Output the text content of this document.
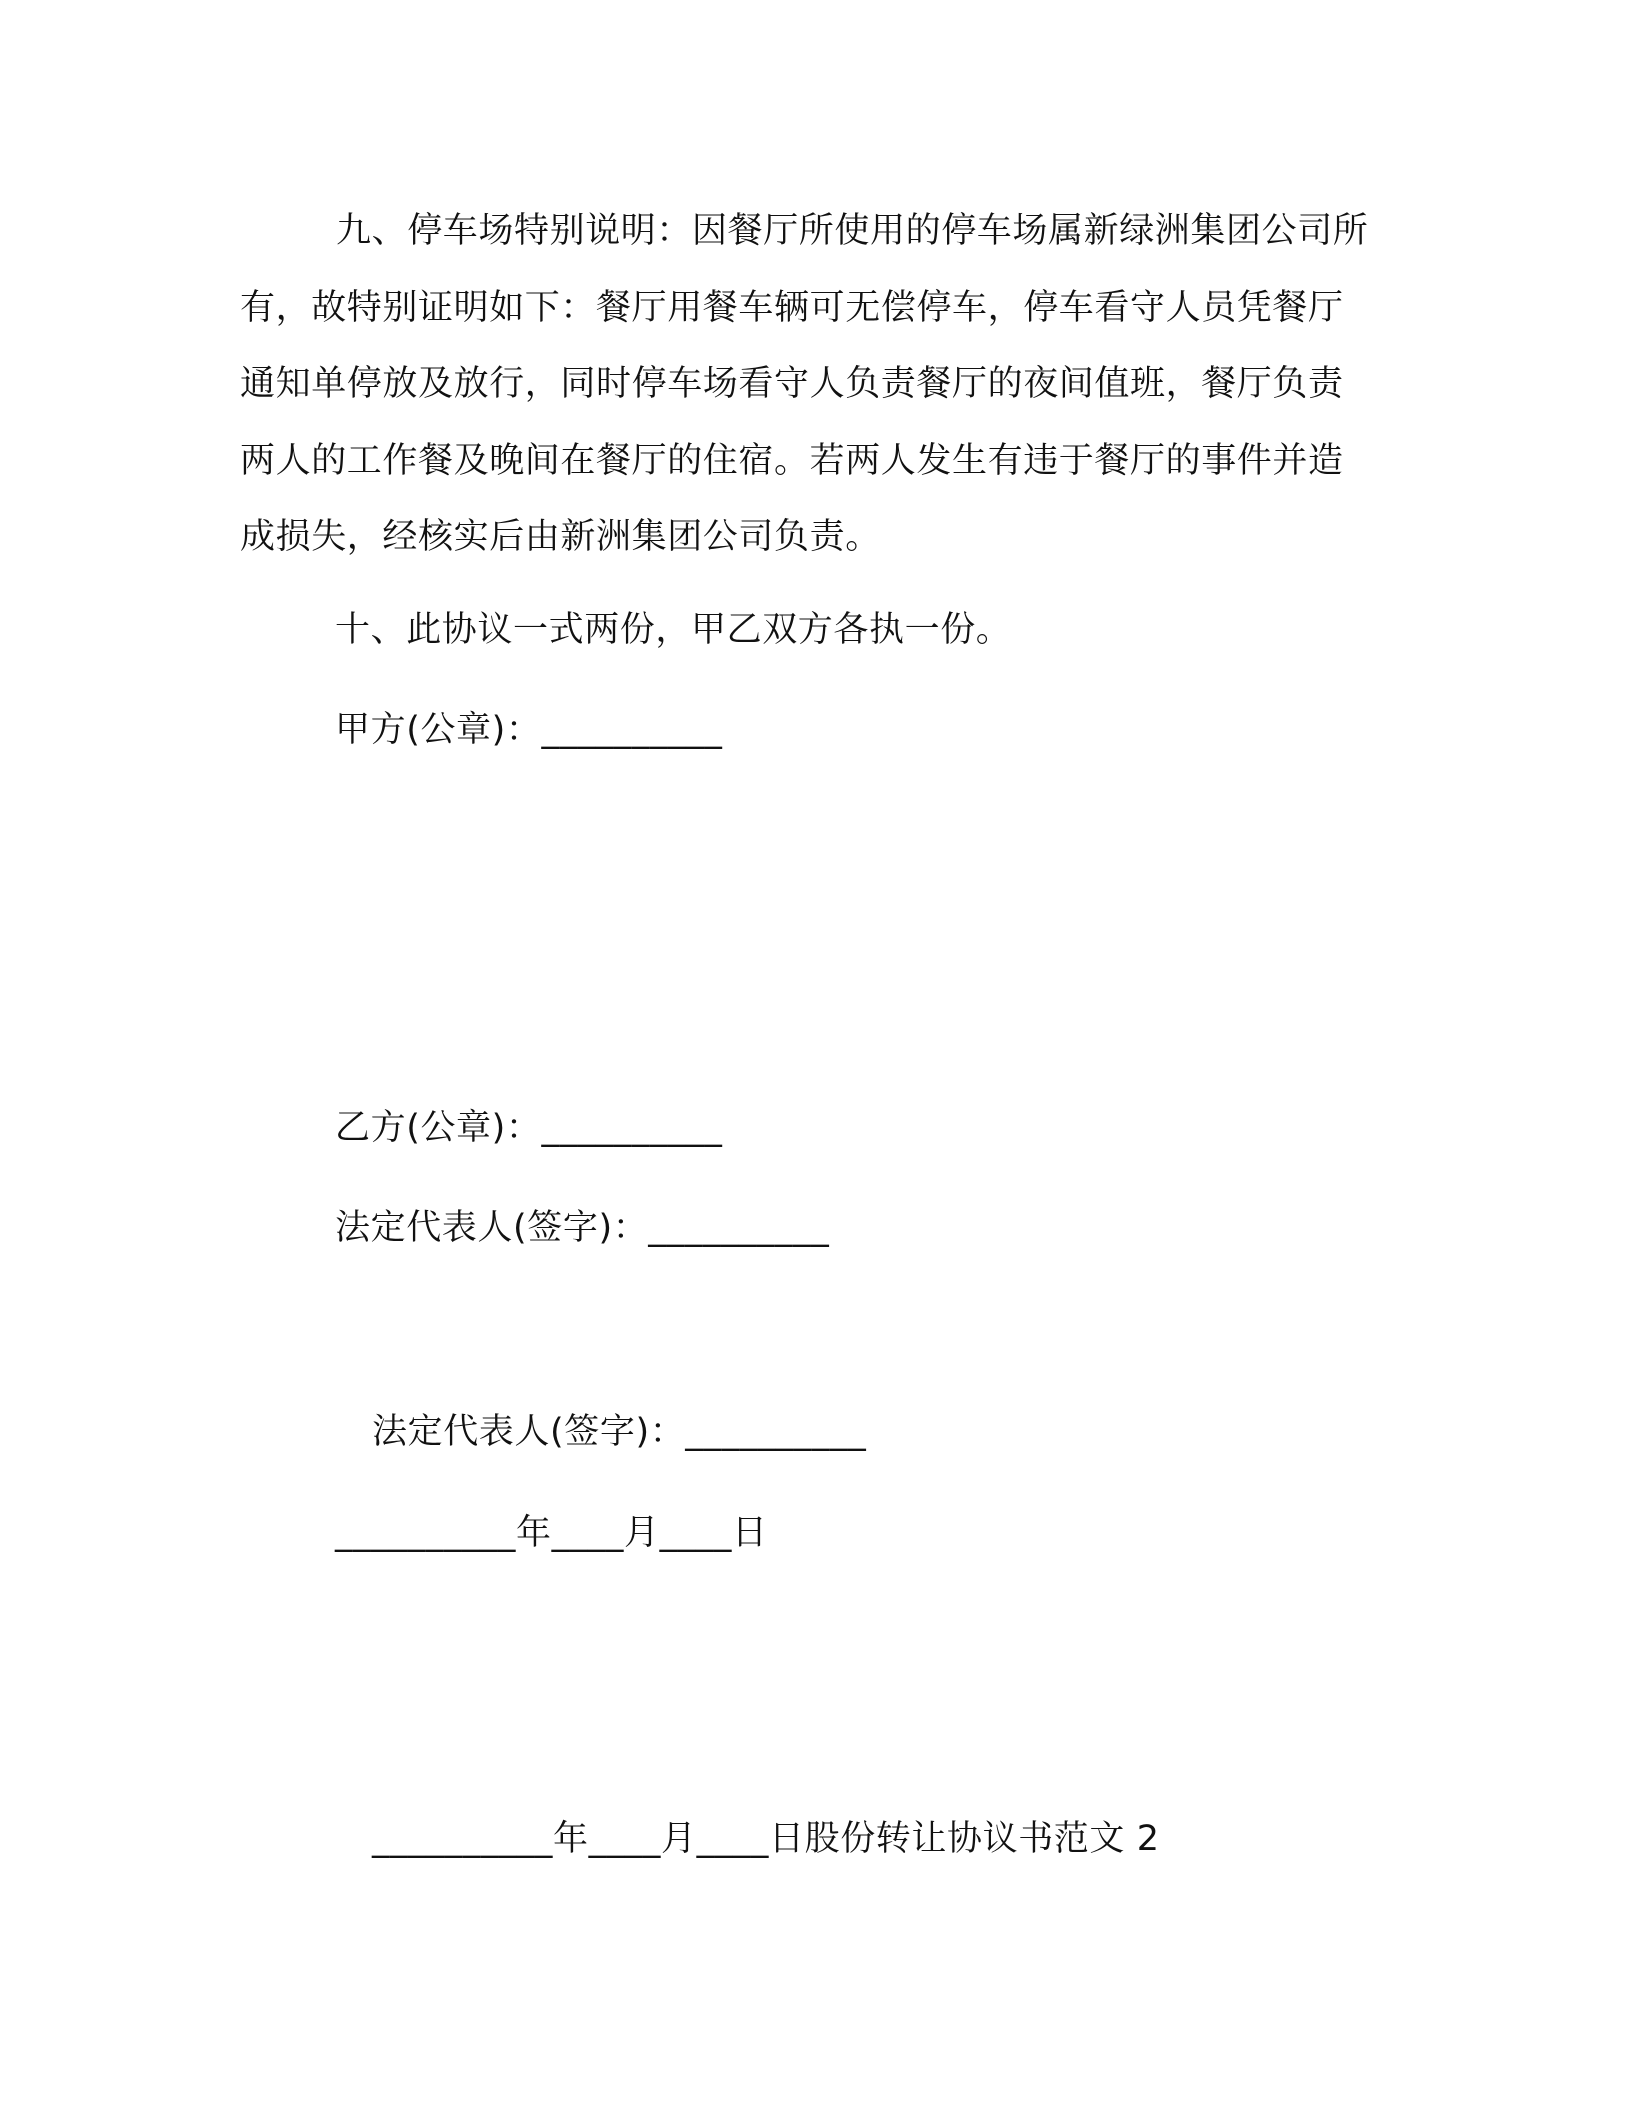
九、停车场特别说明：因餐厅所使用的停车场属新绿洲集团公司所有，故特别证明如下：餐厅用餐车辆可无偿停车，停车看守人员凭餐厅通知单停放及放行，同时停车场看守人负责餐厅的夜间值班，餐厅负责两人的工作餐及晚间在餐厅的住宿。若两人发生有违于餐厅的事件并造成损失，经核实后由新洲集团公司负责。

十、此协议一式两份，甲乙双方各执一份。

甲方(公章)：__________

乙方(公章)：__________

法定代表人(签字)：__________

法定代表人(签字)：__________

__________年____月____日

__________年____月____日股份转让协议书范文 2
